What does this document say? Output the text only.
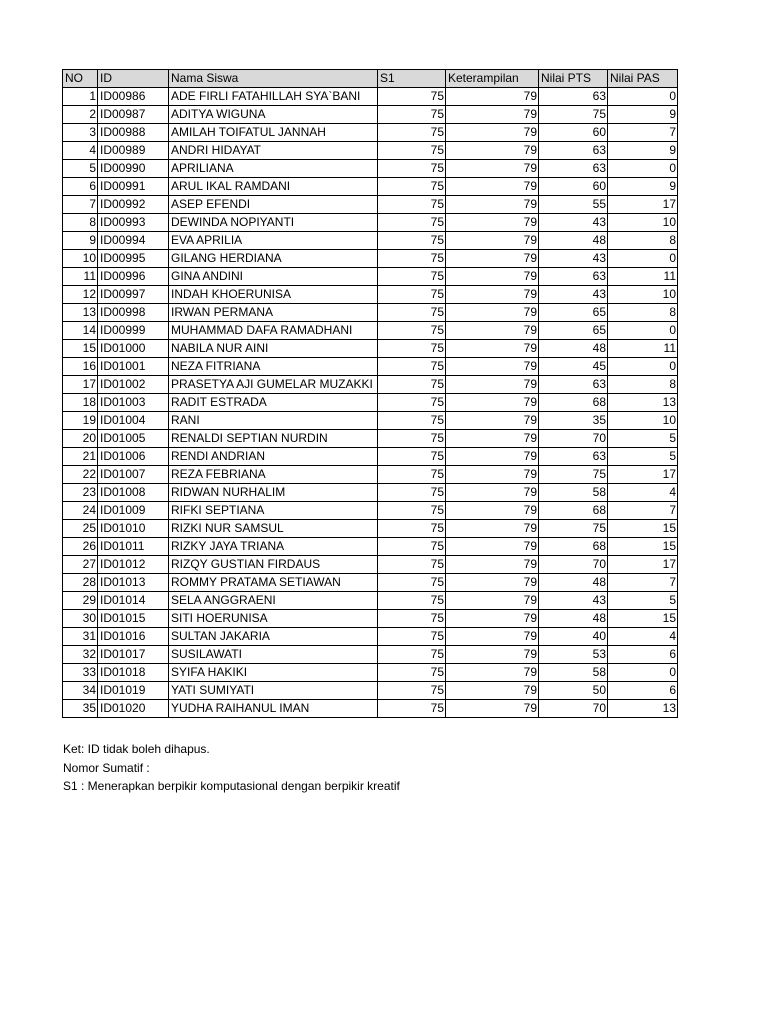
NO	ID	Nama Siswa	S1	Keterampilan	Nilai PTS	Nilai PAS
1	ID00986	ADE FIRLI FATAHILLAH SYA`BANI	75	79	63	0
2	ID00987	ADITYA WIGUNA	75	79	75	9
3	ID00988	AMILAH TOIFATUL JANNAH	75	79	60	7
4	ID00989	ANDRI HIDAYAT	75	79	63	9
5	ID00990	APRILIANA	75	79	63	0
6	ID00991	ARUL IKAL RAMDANI	75	79	60	9
7	ID00992	ASEP EFENDI	75	79	55	17
8	ID00993	DEWINDA NOPIYANTI	75	79	43	10
9	ID00994	EVA APRILIA	75	79	48	8
10	ID00995	GILANG HERDIANA	75	79	43	0
11	ID00996	GINA ANDINI	75	79	63	11
12	ID00997	INDAH KHOERUNISA	75	79	43	10
13	ID00998	IRWAN PERMANA	75	79	65	8
14	ID00999	MUHAMMAD DAFA RAMADHANI	75	79	65	0
15	ID01000	NABILA NUR AINI	75	79	48	11
16	ID01001	NEZA FITRIANA	75	79	45	0
17	ID01002	PRASETYA AJI GUMELAR MUZAKKI	75	79	63	8
18	ID01003	RADIT ESTRADA	75	79	68	13
19	ID01004	RANI	75	79	35	10
20	ID01005	RENALDI SEPTIAN NURDIN	75	79	70	5
21	ID01006	RENDI ANDRIAN	75	79	63	5
22	ID01007	REZA FEBRIANA	75	79	75	17
23	ID01008	RIDWAN NURHALIM	75	79	58	4
24	ID01009	RIFKI SEPTIANA	75	79	68	7
25	ID01010	RIZKI NUR SAMSUL	75	79	75	15
26	ID01011	RIZKY JAYA TRIANA	75	79	68	15
27	ID01012	RIZQY GUSTIAN FIRDAUS	75	79	70	17
28	ID01013	ROMMY PRATAMA SETIAWAN	75	79	48	7
29	ID01014	SELA ANGGRAENI	75	79	43	5
30	ID01015	SITI HOERUNISA	75	79	48	15
31	ID01016	SULTAN JAKARIA	75	79	40	4
32	ID01017	SUSILAWATI	75	79	53	6
33	ID01018	SYIFA HAKIKI	75	79	58	0
34	ID01019	YATI SUMIYATI	75	79	50	6
35	ID01020	YUDHA RAIHANUL IMAN	75	79	70	13
Ket: ID tidak boleh dihapus.
Nomor Sumatif :
S1 : Menerapkan berpikir komputasional dengan berpikir kreatif
